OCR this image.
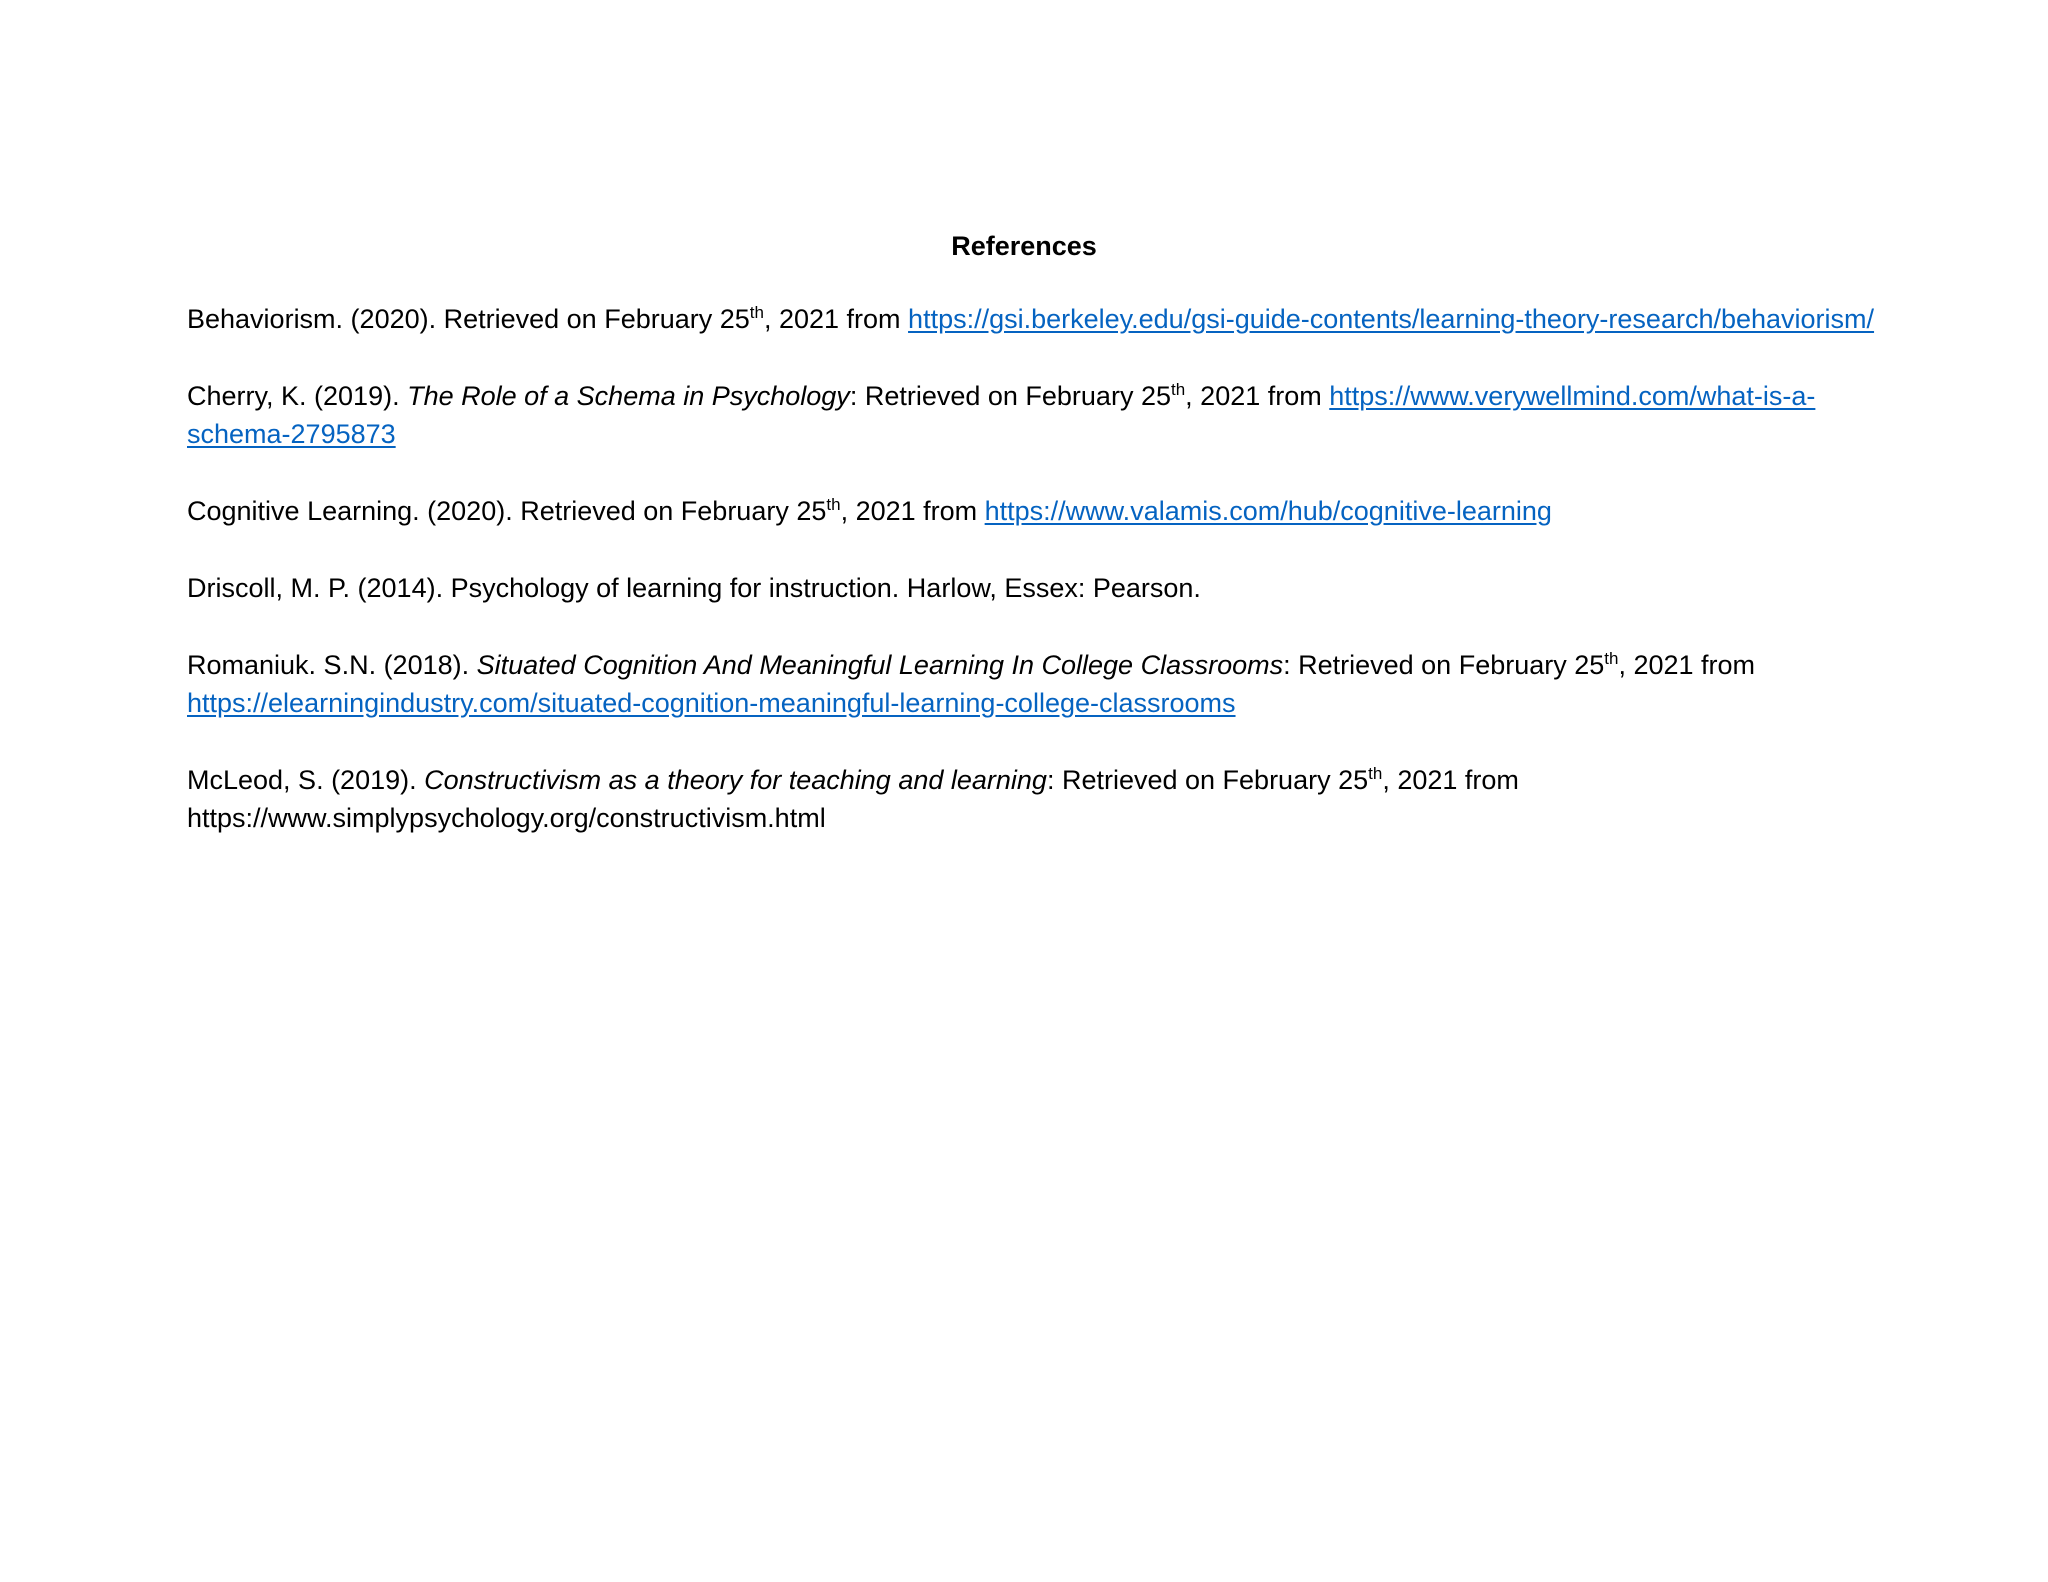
References

Behaviorism. (2020). Retrieved on February 25th, 2021 from https://gsi.berkeley.edu/gsi-guide-contents/learning-theory-research/behaviorism/

Cherry, K. (2019). The Role of a Schema in Psychology: Retrieved on February 25th, 2021 from https://www.verywellmind.com/what-is-a-schema-2795873

Cognitive Learning. (2020). Retrieved on February 25th, 2021 from https://www.valamis.com/hub/cognitive-learning

Driscoll, M. P. (2014). Psychology of learning for instruction. Harlow, Essex: Pearson.

Romaniuk. S.N. (2018). Situated Cognition And Meaningful Learning In College Classrooms: Retrieved on February 25th, 2021 from https://elearningindustry.com/situated-cognition-meaningful-learning-college-classrooms

McLeod, S. (2019). Constructivism as a theory for teaching and learning: Retrieved on February 25th, 2021 from https://www.simplypsychology.org/constructivism.html
